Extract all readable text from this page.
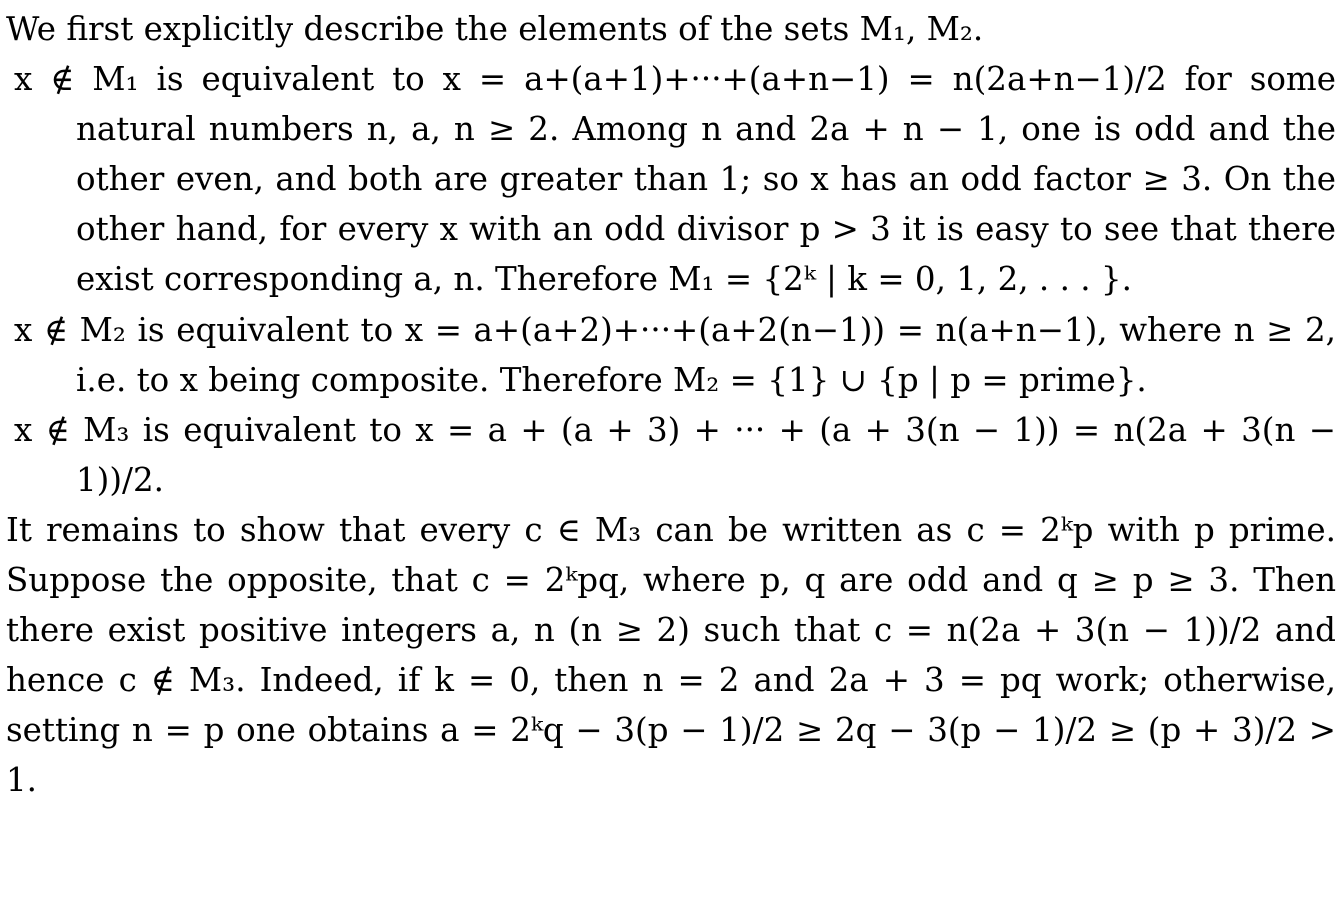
We first explicitly describe the elements of the sets M₁, M₂.

x ∉ M₁ is equivalent to x = a+(a+1)+···+(a+n−1) = n(2a+n−1)/2 for some natural numbers n, a, n ≥ 2. Among n and 2a + n − 1, one is odd and the other even, and both are greater than 1; so x has an odd factor ≥ 3. On the other hand, for every x with an odd divisor p > 3 it is easy to see that there exist corresponding a, n. Therefore M₁ = {2ᵏ | k = 0, 1, 2, . . . }.

x ∉ M₂ is equivalent to x = a+(a+2)+···+(a+2(n−1)) = n(a+n−1), where n ≥ 2, i.e. to x being composite. Therefore M₂ = {1} ∪ {p | p = prime}.

x ∉ M₃ is equivalent to x = a + (a + 3) + ··· + (a + 3(n − 1)) = n(2a + 3(n − 1))/2.

It remains to show that every c ∈ M₃ can be written as c = 2ᵏp with p prime. Suppose the opposite, that c = 2ᵏpq, where p, q are odd and q ≥ p ≥ 3. Then there exist positive integers a, n (n ≥ 2) such that c = n(2a + 3(n − 1))/2 and hence c ∉ M₃. Indeed, if k = 0, then n = 2 and 2a + 3 = pq work; otherwise, setting n = p one obtains a = 2ᵏq − 3(p − 1)/2 ≥ 2q − 3(p − 1)/2 ≥ (p + 3)/2 > 1.
